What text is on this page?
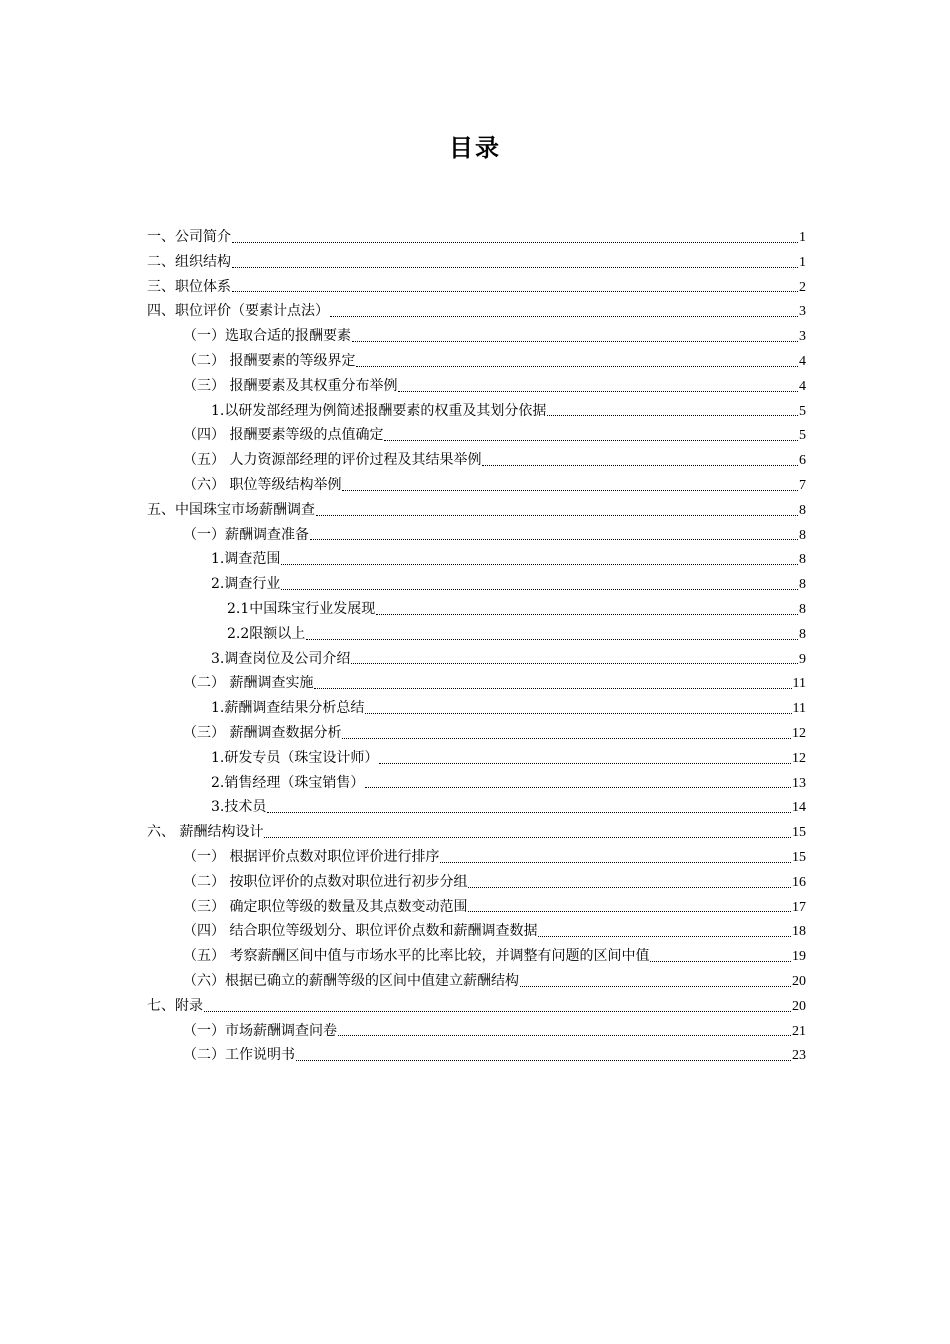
目录
一、公司简介	1
二、组织结构	1
三、职位体系	2
四、职位评价（要素计点法）	3
（一）选取合适的报酬要素	3
（二） 报酬要素的等级界定	4
（三） 报酬要素及其权重分布举例	4
1.以研发部经理为例简述报酬要素的权重及其划分依据	5
（四） 报酬要素等级的点值确定	5
（五） 人力资源部经理的评价过程及其结果举例	6
（六） 职位等级结构举例	7
五、中国珠宝市场薪酬调查	8
（一）薪酬调查准备	8
1.调查范围	8
2.调查行业	8
2.1中国珠宝行业发展现	8
2.2限额以上	8
3.调查岗位及公司介绍	9
（二） 薪酬调查实施	11
1.薪酬调查结果分析总结	11
（三） 薪酬调查数据分析	12
1.研发专员（珠宝设计师）	12
2.销售经理（珠宝销售）	13
3.技术员	14
六、 薪酬结构设计	15
（一） 根据评价点数对职位评价进行排序	15
（二） 按职位评价的点数对职位进行初步分组	16
（三） 确定职位等级的数量及其点数变动范围	17
（四） 结合职位等级划分、职位评价点数和薪酬调查数据	18
（五） 考察薪酬区间中值与市场水平的比率比较，并调整有问题的区间中值	19
（六）根据已确立的薪酬等级的区间中值建立薪酬结构	20
七、附录	20
（一）市场薪酬调查问卷	21
（二）工作说明书	23
